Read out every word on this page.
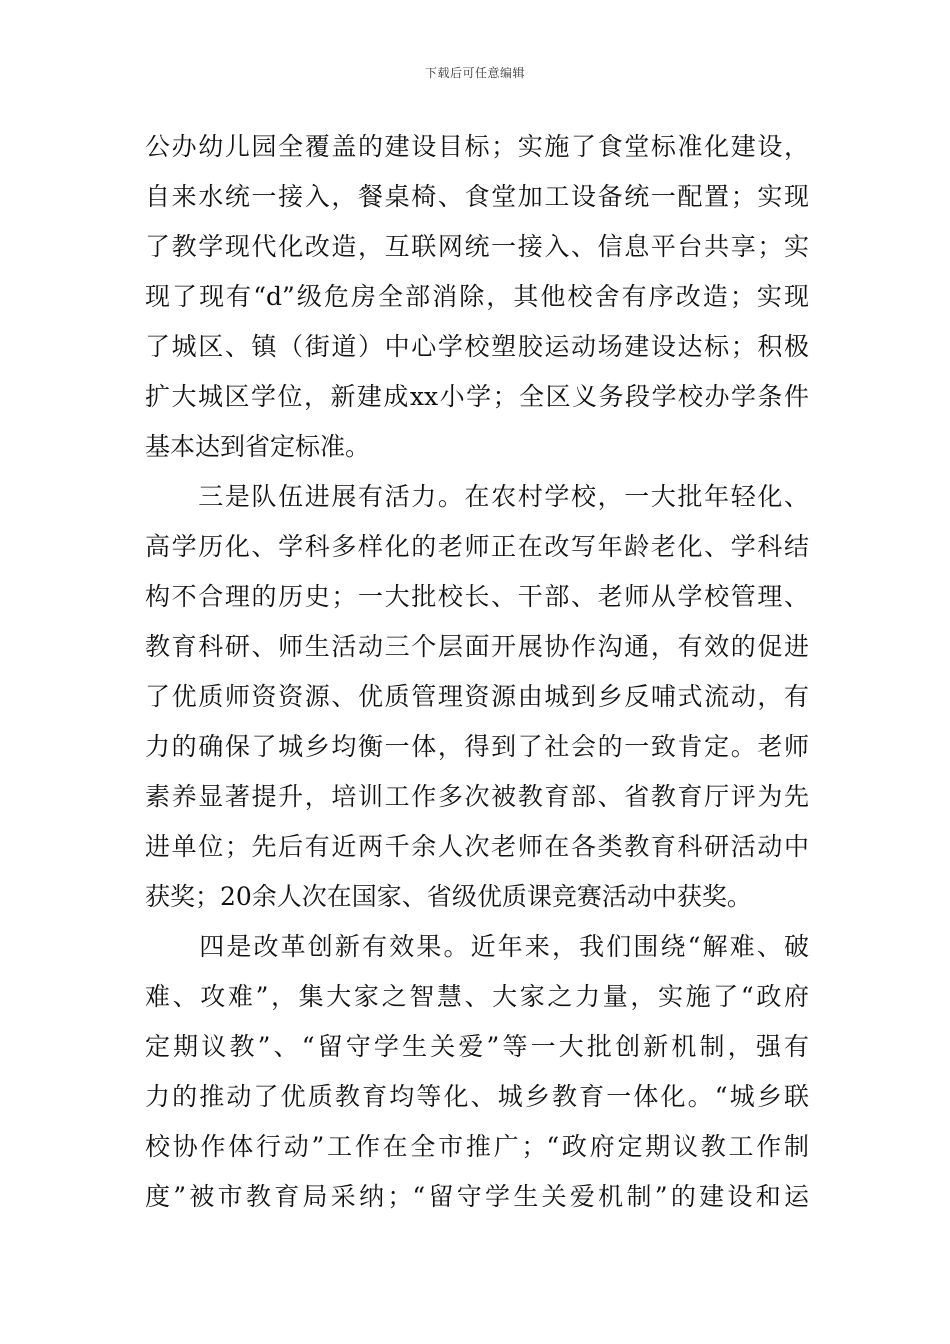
下载后可任意编辑
公办幼儿园全覆盖的建设目标；实施了食堂标准化建设，
自来水统一接入，餐桌椅、食堂加工设备统一配置；实现
了教学现代化改造，互联网统一接入、信息平台共享；实
现了现有“d”级危房全部消除，其他校舍有序改造；实现
了城区、镇（街道）中心学校塑胶运动场建设达标；积极
扩大城区学位，新建成xx小学；全区义务段学校办学条件
基本达到省定标准。
　　三是队伍进展有活力。在农村学校，一大批年轻化、
高学历化、学科多样化的老师正在改写年龄老化、学科结
构不合理的历史；一大批校长、干部、老师从学校管理、
教育科研、师生活动三个层面开展协作沟通，有效的促进
了优质师资资源、优质管理资源由城到乡反哺式流动，有
力的确保了城乡均衡一体，得到了社会的一致肯定。老师
素养显著提升，培训工作多次被教育部、省教育厅评为先
进单位；先后有近两千余人次老师在各类教育科研活动中
获奖；20余人次在国家、省级优质课竞赛活动中获奖。
　　四是改革创新有效果。近年来，我们围绕“解难、破
难、攻难”，集大家之智慧、大家之力量，实施了“政府
定期议教”、“留守学生关爱”等一大批创新机制，强有
力的推动了优质教育均等化、城乡教育一体化。“城乡联
校协作体行动”工作在全市推广；“政府定期议教工作制
度”被市教育局采纳；“留守学生关爱机制”的建设和运
